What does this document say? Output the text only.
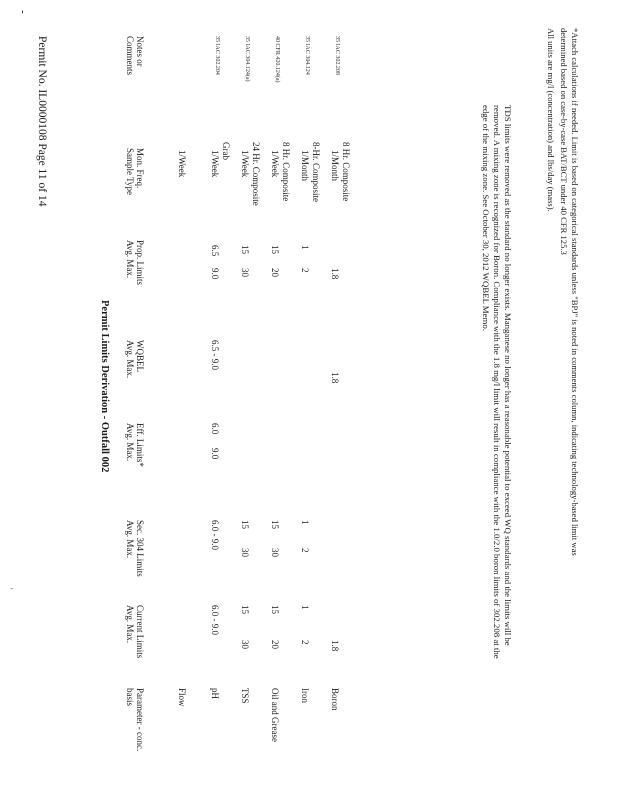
Permit No. IL0000108 Page 11 of 14
-
Permit Limits Derivation - Outfall 002
Notes or
Comments
Mon. Freq.
Sample Type
Prop. Limits
Avg. Max.
WQBEL
Avg. Max.
Eff. Limits*
Avg. Max.
Sec. 304 Limits
Avg. Max.
Current Limits
Avg. Max.
Parameter - conc.
basis
1/Week
Flow
35 IAC 302.204
1/Week Grab
6.5
9.0
6.5 - 9.0
6.0
9.0
6.0 - 9.0
6.0 - 9.0
pH
35 IAC 304.124(a)
1/Week 24 Hr. Composite
15
30
15
30
15
30
TSS
40 CFR 420.124(a)
1/Week 8 Hr. Composite
15
20
15
30
15
20
Oil and Grease
35 IAC 304.124
1/Month 8-Hr. Composite
1
2
1
2
1
2
Iron
35 IAC 302.208
1/Month 8 Hr. Composite
1.8
1.8
1.8
Boron
TDS limits were removed as the standard no longer exists. Manganese no longer has a reasonable potential to exceed WQ standards and the limits will be removed. A mixing zone is recognized for Boron. Compliance with the 1.8 mg/l limit will result in compliance with the 1.0/2.0 boron limits of 302.208 at the edge of the mixing zone. See October 30, 2012 WQBEL Memo.	All units are mg/l (concentration) and lbs/day (mass).	*Attach calculations if needed. Limit is based on categorical standards unless "BPJ" is noted in comments column, indicating technology-based limit was determined based on case-by-case BAT/BCT under 40 CFR 125.3
'
